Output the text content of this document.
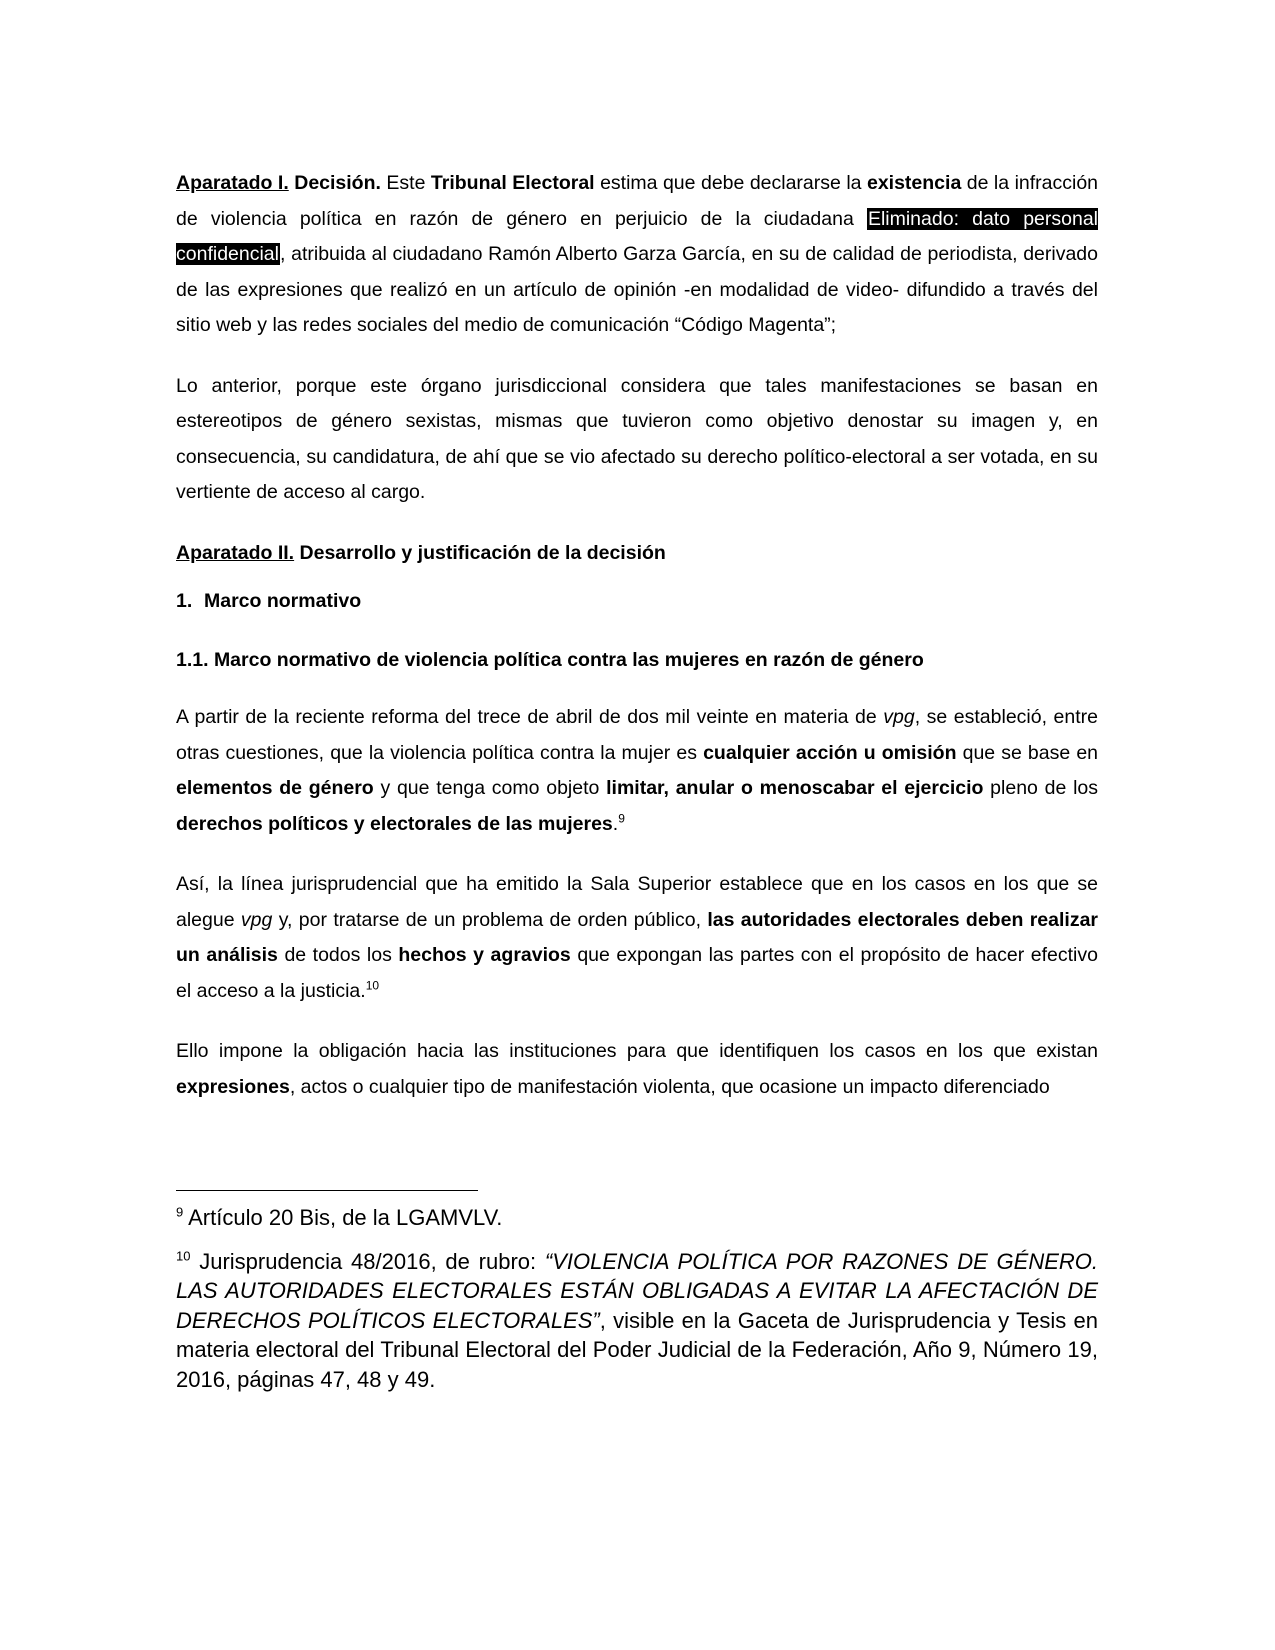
Aparatado I. Decisión. Este Tribunal Electoral estima que debe declararse la existencia de la infracción de violencia política en razón de género en perjuicio de la ciudadana Eliminado: dato personal confidencial, atribuida al ciudadano Ramón Alberto Garza García, en su de calidad de periodista, derivado de las expresiones que realizó en un artículo de opinión -en modalidad de video- difundido a través del sitio web y las redes sociales del medio de comunicación “Código Magenta”;

Lo anterior, porque este órgano jurisdiccional considera que tales manifestaciones se basan en estereotipos de género sexistas, mismas que tuvieron como objetivo denostar su imagen y, en consecuencia, su candidatura, de ahí que se vio afectado su derecho político-electoral a ser votada, en su vertiente de acceso al cargo.

Aparatado II. Desarrollo y justificación de la decisión

1. Marco normativo

1.1. Marco normativo de violencia política contra las mujeres en razón de género

A partir de la reciente reforma del trece de abril de dos mil veinte en materia de vpg, se estableció, entre otras cuestiones, que la violencia política contra la mujer es cualquier acción u omisión que se base en elementos de género y que tenga como objeto limitar, anular o menoscabar el ejercicio pleno de los derechos políticos y electorales de las mujeres.$^9$

Así, la línea jurisprudencial que ha emitido la Sala Superior establece que en los casos en los que se alegue vpg y, por tratarse de un problema de orden público, las autoridades electorales deben realizar un análisis de todos los hechos y agravios que expongan las partes con el propósito de hacer efectivo el acceso a la justicia.$^{10}$

Ello impone la obligación hacia las instituciones para que identifiquen los casos en los que existan expresiones, actos o cualquier tipo de manifestación violenta, que ocasione un impacto diferenciado

$^9$ Artículo 20 Bis, de la LGAMVLV.

$^{10}$ Jurisprudencia 48/2016, de rubro: “VIOLENCIA POLÍTICA POR RAZONES DE GÉNERO. LAS AUTORIDADES ELECTORALES ESTÁN OBLIGADAS A EVITAR LA AFECTACIÓN DE DERECHOS POLÍTICOS ELECTORALES”, visible en la Gaceta de Jurisprudencia y Tesis en materia electoral del Tribunal Electoral del Poder Judicial de la Federación, Año 9, Número 19, 2016, páginas 47, 48 y 49.
